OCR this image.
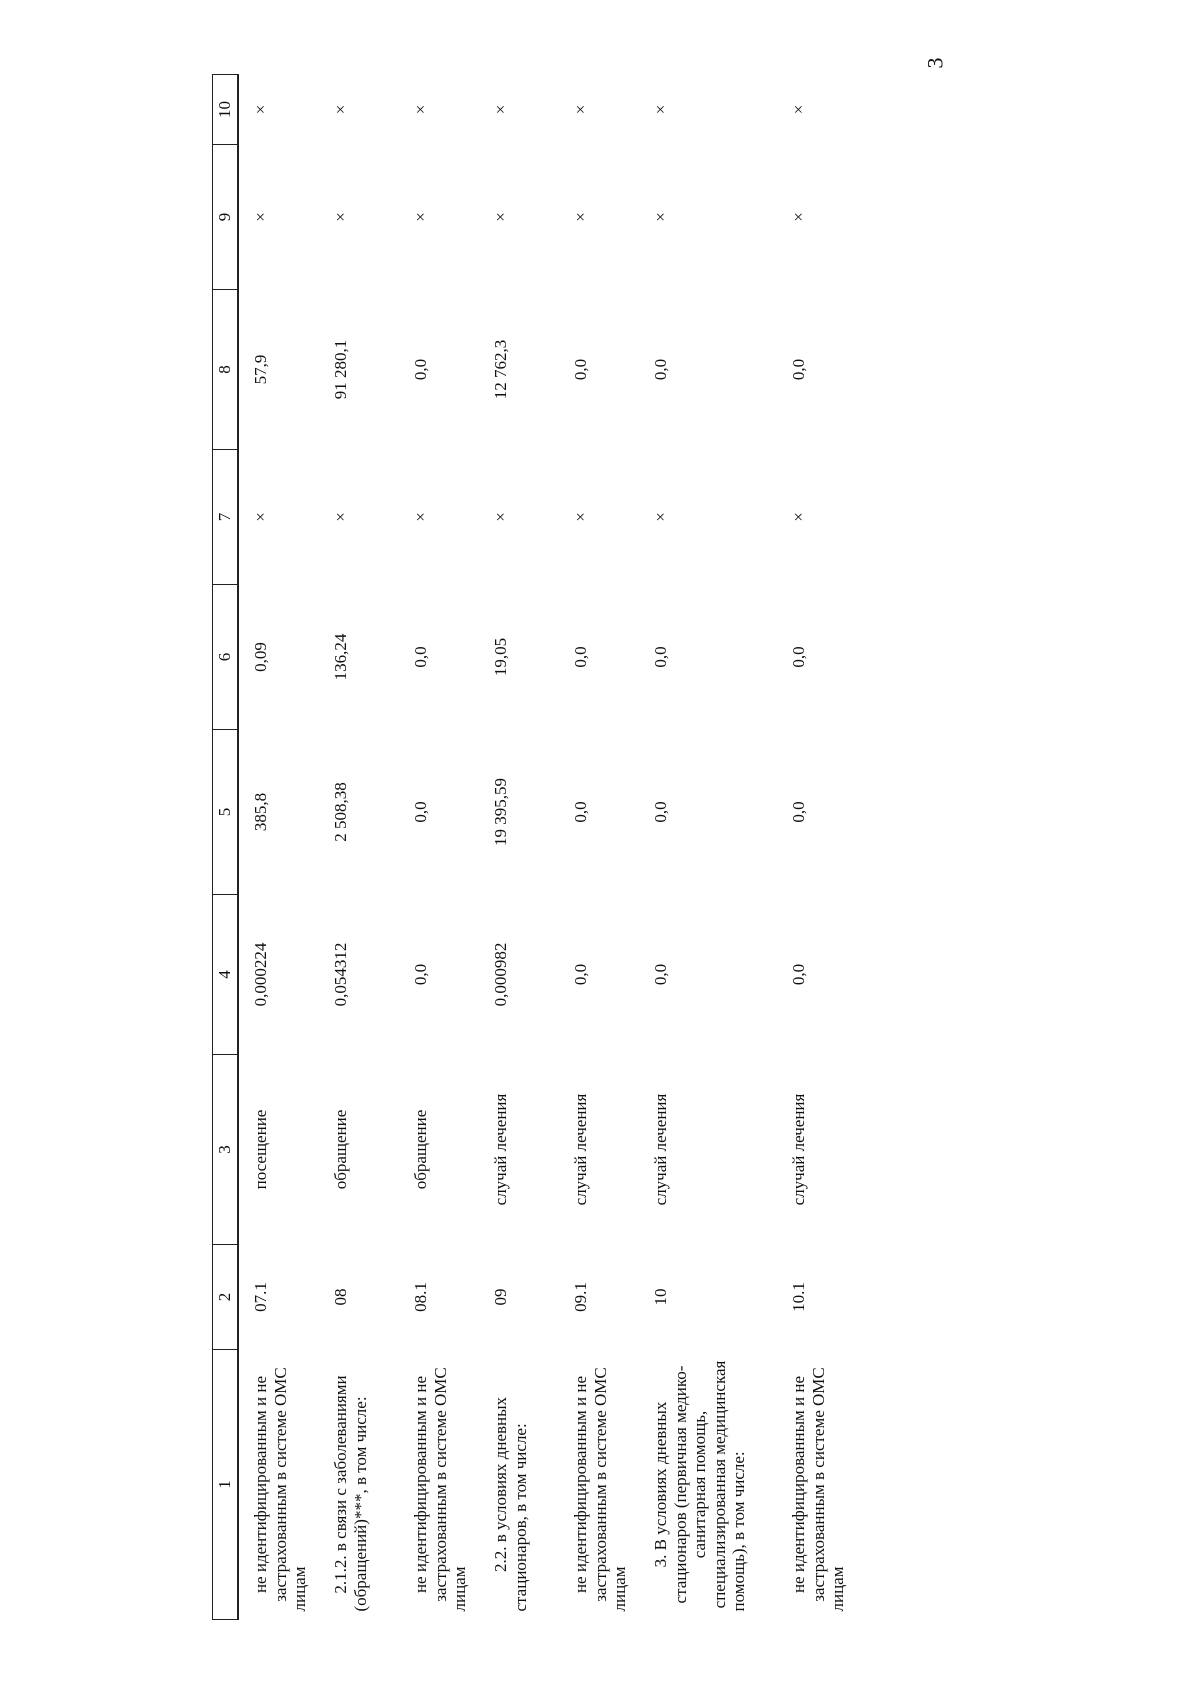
3
1	2	3	4	5	6	7	8	9	10
не идентифицированным и не застрахованным в системе ОМС лицам	07.1	посещение	0,000224	385,8	0,09	×	57,9	×	×
2.1.2. в связи с заболеваниями (обращений)***, в том числе:	08	обращение	0,054312	2 508,38	136,24	×	91 280,1	×	×
не идентифицированным и не застрахованным в системе ОМС лицам	08.1	обращение	0,0	0,0	0,0	×	0,0	×	×
2.2. в условиях дневных стационаров, в том числе:	09	случай лечения	0,000982	19 395,59	19,05	×	12 762,3	×	×
не идентифицированным и не застрахованным в системе ОМС лицам	09.1	случай лечения	0,0	0,0	0,0	×	0,0	×	×
3. В условиях дневных стационаров (первичная медико-санитарная помощь, специализированная медицинская помощь), в том числе:	10	случай лечения	0,0	0,0	0,0	×	0,0	×	×
не идентифицированным и не застрахованным в системе ОМС лицам	10.1	случай лечения	0,0	0,0	0,0	×	0,0	×	×
